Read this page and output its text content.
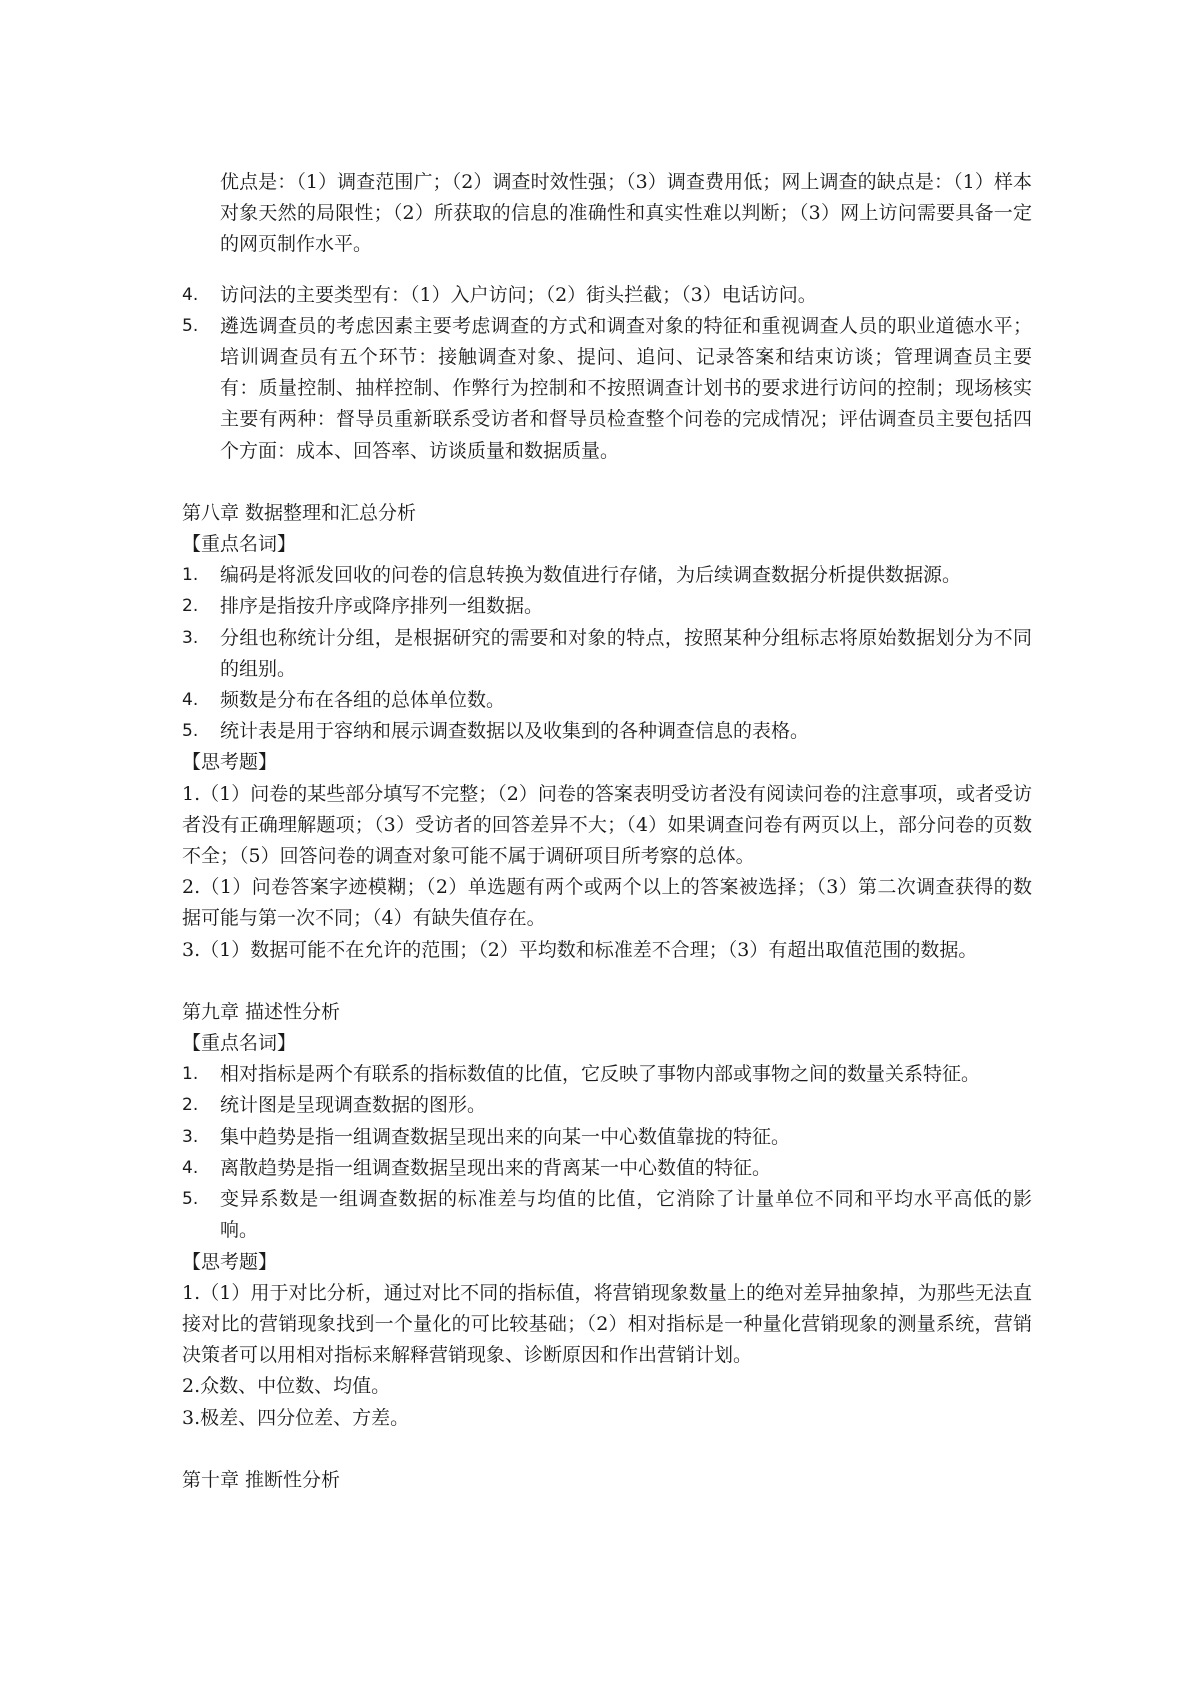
优点是：（1）调查范围广；（2）调查时效性强；（3）调查费用低；网上调查的缺点是：（1）样本对象天然的局限性；（2）所获取的信息的准确性和真实性难以判断；（3）网上访问需要具备一定的网页制作水平。

4.	访问法的主要类型有：（1）入户访问；（2）街头拦截；（3）电话访问。
5.	遴选调查员的考虑因素主要考虑调查的方式和调查对象的特征和重视调查人员的职业道德水平；培训调查员有五个环节：接触调查对象、提问、追问、记录答案和结束访谈；管理调查员主要有：质量控制、抽样控制、作弊行为控制和不按照调查计划书的要求进行访问的控制；现场核实主要有两种：督导员重新联系受访者和督导员检查整个问卷的完成情况；评估调查员主要包括四个方面：成本、回答率、访谈质量和数据质量。

第八章 数据整理和汇总分析

【重点名词】

1.	编码是将派发回收的问卷的信息转换为数值进行存储，为后续调查数据分析提供数据源。
2.	排序是指按升序或降序排列一组数据。
3.	分组也称统计分组，是根据研究的需要和对象的特点，按照某种分组标志将原始数据划分为不同的组别。
4.	频数是分布在各组的总体单位数。
5.	统计表是用于容纳和展示调查数据以及收集到的各种调查信息的表格。

【思考题】

1.（1）问卷的某些部分填写不完整；（2）问卷的答案表明受访者没有阅读问卷的注意事项，或者受访者没有正确理解题项；（3）受访者的回答差异不大；（4）如果调查问卷有两页以上，部分问卷的页数不全；（5）回答问卷的调查对象可能不属于调研项目所考察的总体。

2.（1）问卷答案字迹模糊；（2）单选题有两个或两个以上的答案被选择；（3）第二次调查获得的数据可能与第一次不同；（4）有缺失值存在。

3.（1）数据可能不在允许的范围；（2）平均数和标准差不合理；（3）有超出取值范围的数据。

第九章 描述性分析

【重点名词】

1.	相对指标是两个有联系的指标数值的比值，它反映了事物内部或事物之间的数量关系特征。
2.	统计图是呈现调查数据的图形。
3.	集中趋势是指一组调查数据呈现出来的向某一中心数值靠拢的特征。
4.	离散趋势是指一组调查数据呈现出来的背离某一中心数值的特征。
5.	变异系数是一组调查数据的标准差与均值的比值，它消除了计量单位不同和平均水平高低的影响。

【思考题】

1.（1）用于对比分析，通过对比不同的指标值，将营销现象数量上的绝对差异抽象掉，为那些无法直接对比的营销现象找到一个量化的可比较基础；（2）相对指标是一种量化营销现象的测量系统，营销决策者可以用相对指标来解释营销现象、诊断原因和作出营销计划。

2.众数、中位数、均值。

3.极差、四分位差、方差。

第十章 推断性分析
